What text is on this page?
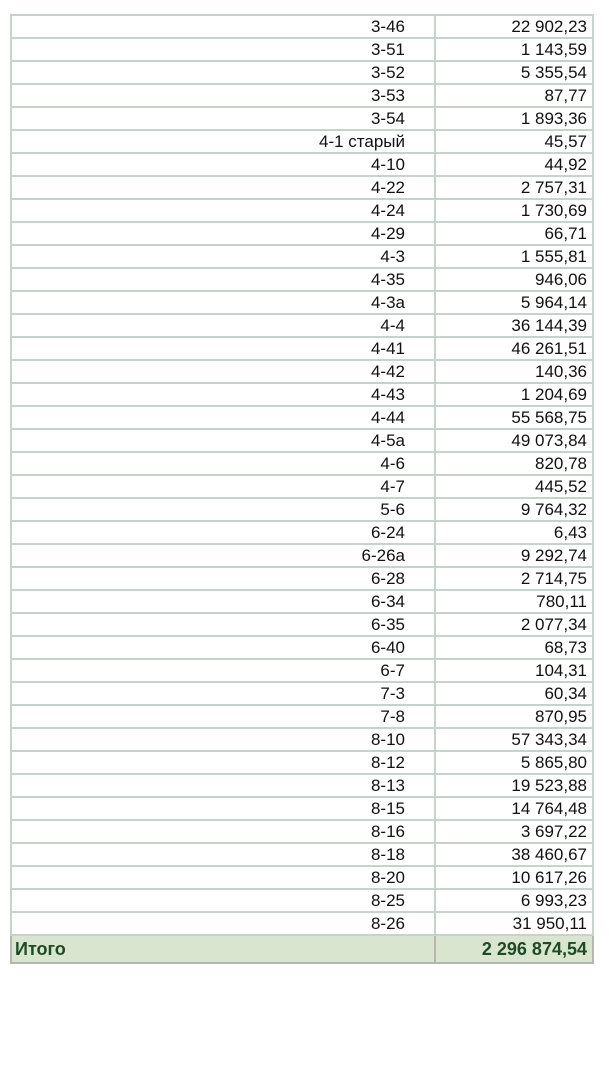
3-46	22 902,23
3-51	1 143,59
3-52	5 355,54
3-53	87,77
3-54	1 893,36
4-1 старый	45,57
4-10	44,92
4-22	2 757,31
4-24	1 730,69
4-29	66,71
4-3	1 555,81
4-35	946,06
4-3а	5 964,14
4-4	36 144,39
4-41	46 261,51
4-42	140,36
4-43	1 204,69
4-44	55 568,75
4-5а	49 073,84
4-6	820,78
4-7	445,52
5-6	9 764,32
6-24	6,43
6-26а	9 292,74
6-28	2 714,75
6-34	780,11
6-35	2 077,34
6-40	68,73
6-7	104,31
7-3	60,34
7-8	870,95
8-10	57 343,34
8-12	5 865,80
8-13	19 523,88
8-15	14 764,48
8-16	3 697,22
8-18	38 460,67
8-20	10 617,26
8-25	6 993,23
8-26	31 950,11
Итого	2 296 874,54
